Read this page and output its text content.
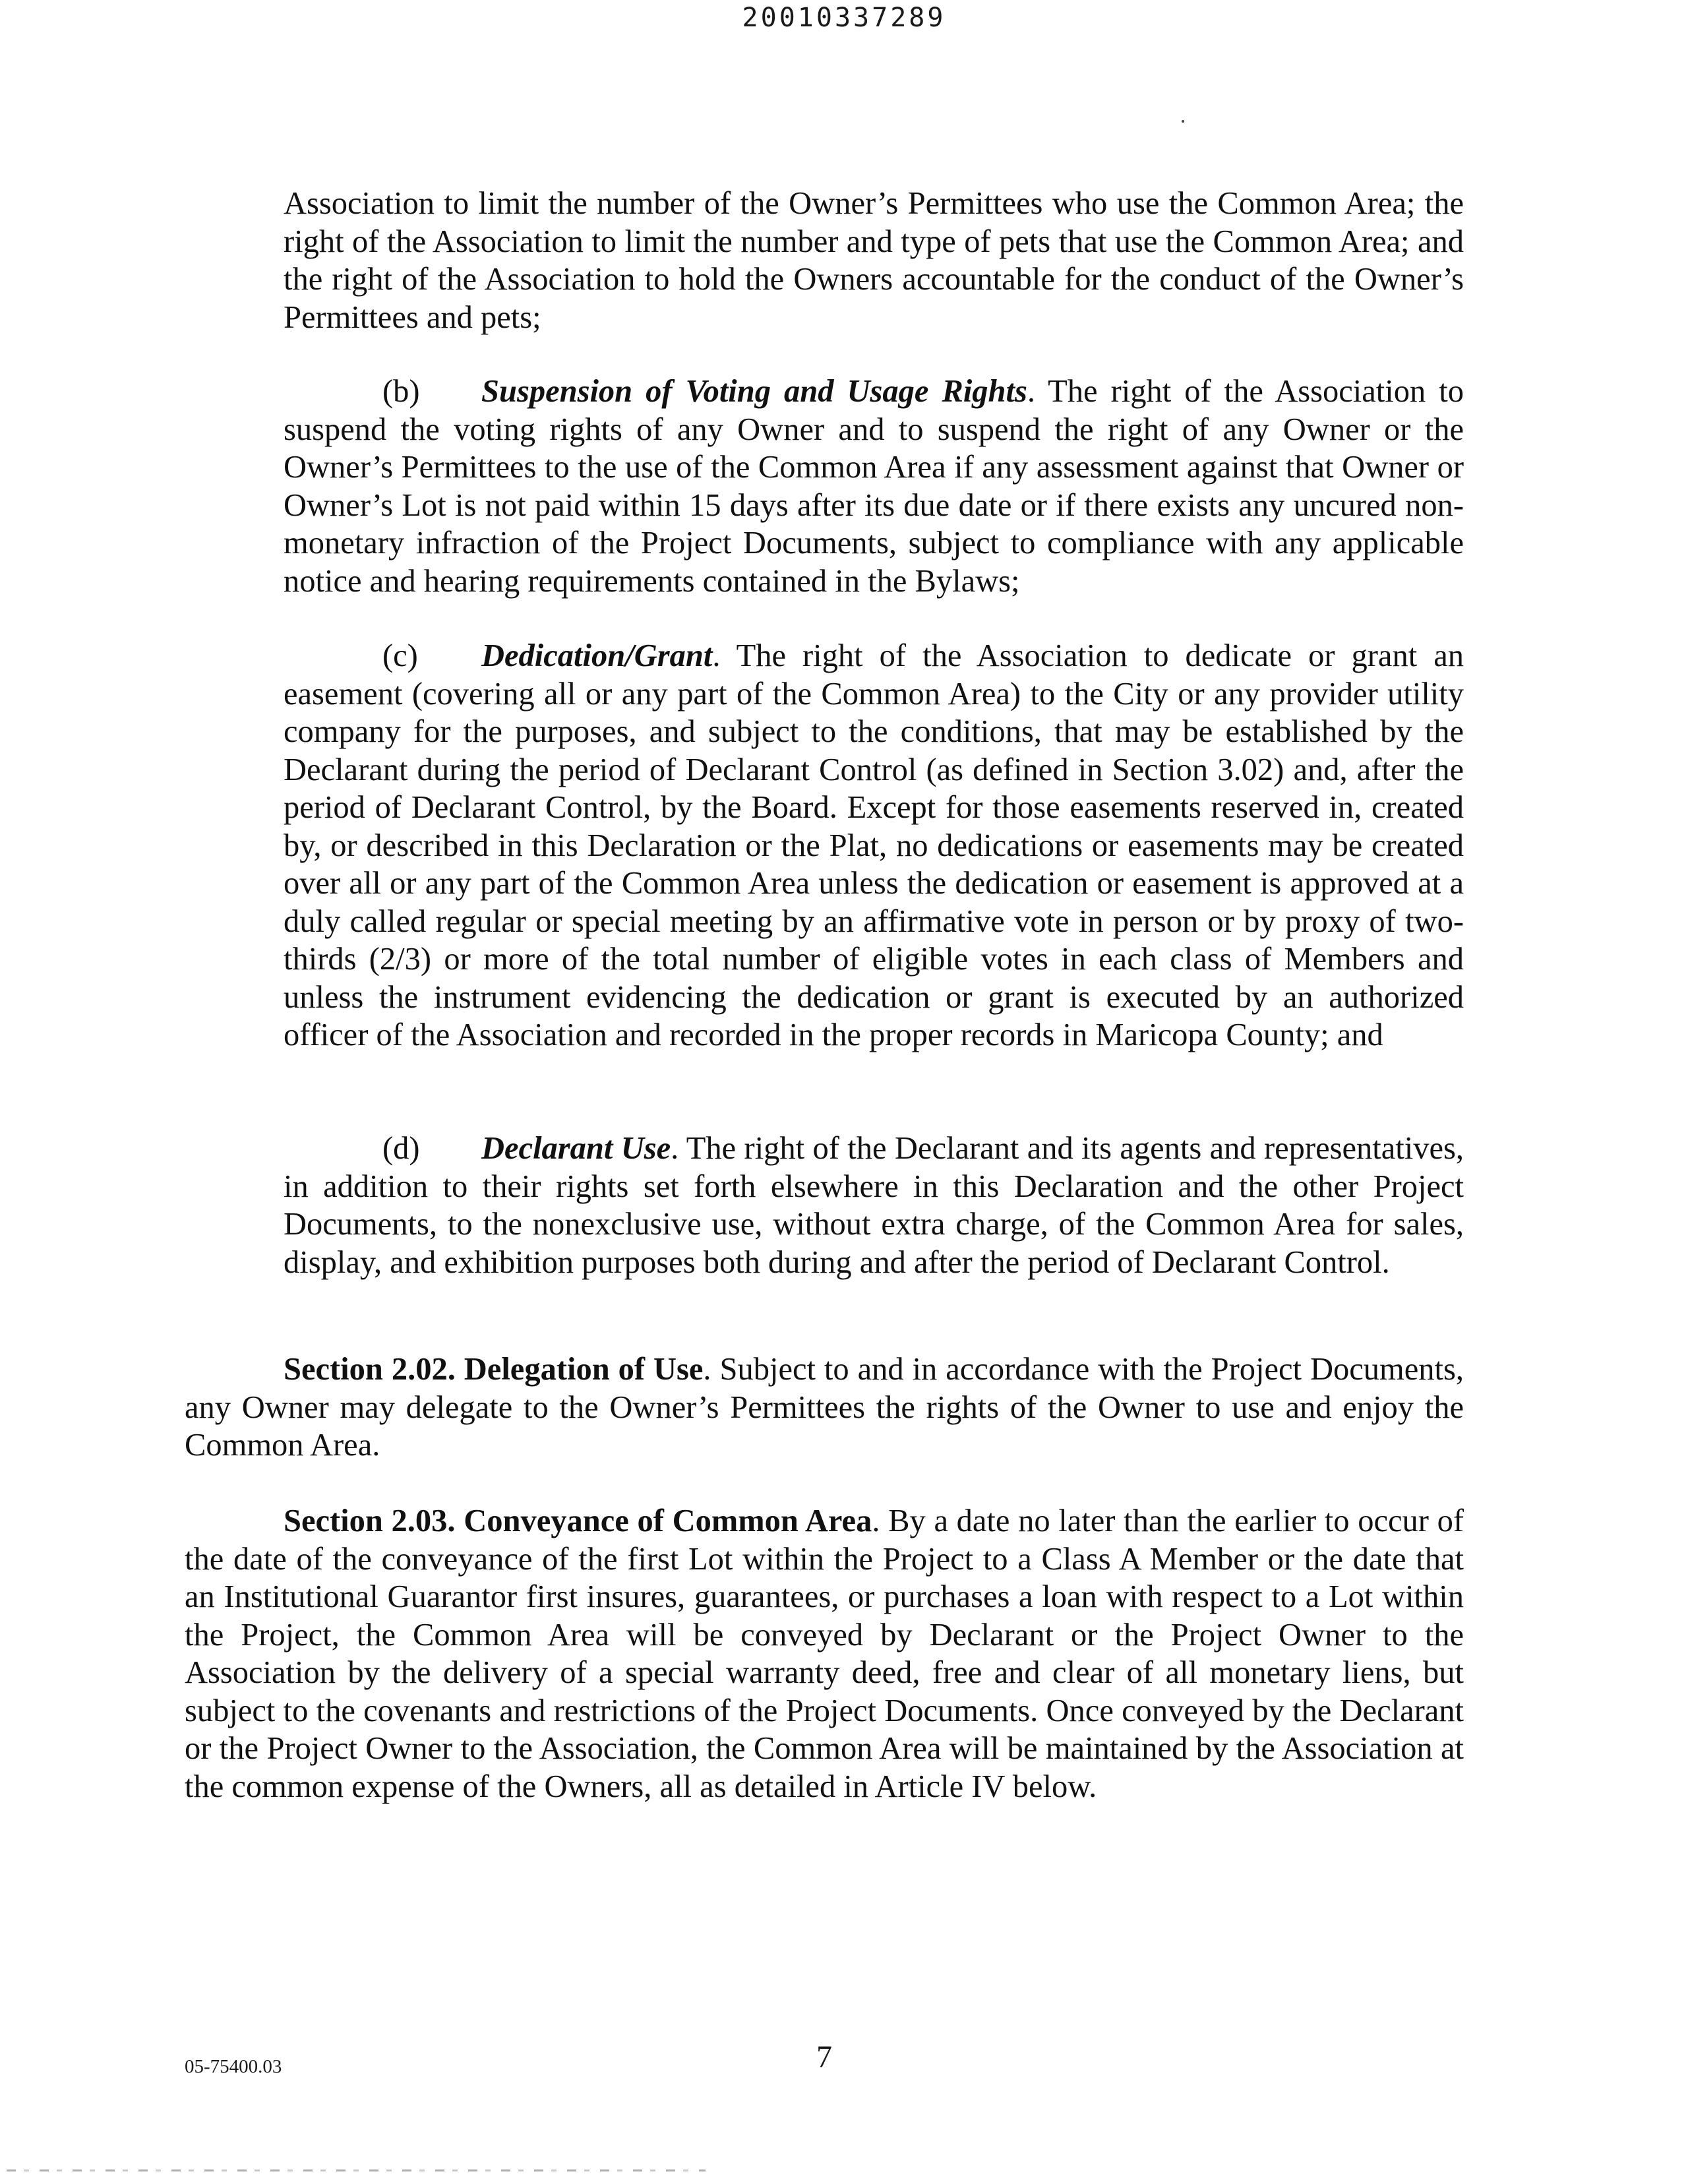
20010337289

Association to limit the number of the Owner’s Permittees who use the Common Area; the right of the Association to limit the number and type of pets that use the Common Area; and the right of the Association to hold the Owners accountable for the conduct of the Owner’s Permittees and pets;

(b) Suspension of Voting and Usage Rights. The right of the Association to suspend the voting rights of any Owner and to suspend the right of any Owner or the Owner’s Permittees to the use of the Common Area if any assessment against that Owner or Owner’s Lot is not paid within 15 days after its due date or if there exists any uncured non-monetary infraction of the Project Documents, subject to compliance with any applicable notice and hearing requirements contained in the Bylaws;

(c) Dedication/Grant. The right of the Association to dedicate or grant an easement (covering all or any part of the Common Area) to the City or any provider utility company for the purposes, and subject to the conditions, that may be established by the Declarant during the period of Declarant Control (as defined in Section 3.02) and, after the period of Declarant Control, by the Board. Except for those easements reserved in, created by, or described in this Declaration or the Plat, no dedications or easements may be created over all or any part of the Common Area unless the dedication or easement is approved at a duly called regular or special meeting by an affirmative vote in person or by proxy of two-thirds (2/3) or more of the total number of eligible votes in each class of Members and unless the instrument evidencing the dedication or grant is executed by an authorized officer of the Association and recorded in the proper records in Maricopa County; and

(d) Declarant Use. The right of the Declarant and its agents and representatives, in addition to their rights set forth elsewhere in this Declaration and the other Project Documents, to the nonexclusive use, without extra charge, of the Common Area for sales, display, and exhibition purposes both during and after the period of Declarant Control.

Section 2.02. Delegation of Use. Subject to and in accordance with the Project Documents, any Owner may delegate to the Owner’s Permittees the rights of the Owner to use and enjoy the Common Area.

Section 2.03. Conveyance of Common Area. By a date no later than the earlier to occur of the date of the conveyance of the first Lot within the Project to a Class A Member or the date that an Institutional Guarantor first insures, guarantees, or purchases a loan with respect to a Lot within the Project, the Common Area will be conveyed by Declarant or the Project Owner to the Association by the delivery of a special warranty deed, free and clear of all monetary liens, but subject to the covenants and restrictions of the Project Documents. Once conveyed by the Declarant or the Project Owner to the Association, the Common Area will be maintained by the Association at the common expense of the Owners, all as detailed in Article IV below.

05-75400.03	7
